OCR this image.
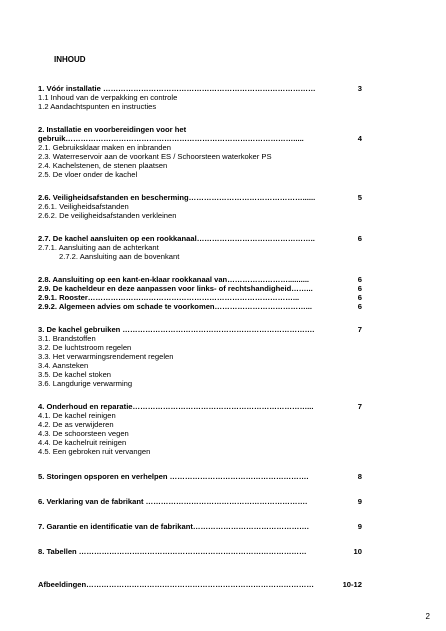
INHOUD
1. Vóór installatie …………………………………………………………………………	3
1.1 Inhoud van de verpakking en controle
1.2 Aandachtspunten en instructies
2. Installatie en voorbereidingen voor het
gebruik……………………………………………………………………………….....	4
2.1. Gebruiksklaar maken en inbranden
2.3. Waterreservoir aan de voorkant ES / Schoorsteen waterkoker PS
2.4. Kachelstenen, de stenen plaatsen
2.5. De vloer onder de kachel
2.6. Veiligheidsafstanden en bescherming………………………………………......	5
2.6.1. Veiligheidsafstanden
2.6.2. De veiligheidsafstanden verkleinen
2.7. De kachel aansluiten op een rookkanaal………………………………………..	6
2.7.1. Aansluiting aan de achterkant
2.7.2. Aansluiting aan de bovenkant
2.8. Aansluiting op een kant-en-klaar rookkanaal van……………………..........	6
2.9. De kacheldeur en deze aanpassen voor links- of rechtshandigheid……...	6
2.9.1. Rooster………………………………………………………………………...	6
2.9.2. Algemeen advies om schade te voorkomen………………………………...	6
3. De kachel gebruiken ………………………………………………………………….	7
3.1. Brandstoffen
3.2. De luchtstroom regelen
3.3. Het verwarmingsrendement regelen
3.4. Aansteken
3.5. De kachel stoken
3.6. Langdurige verwarming
4. Onderhoud en reparatie……………………………………………………………...	7
4.1. De kachel reinigen
4.2. De as verwijderen
4.3. De schoorsteen vegen
4.4. De kachelruit reinigen
4.5. Een gebroken ruit vervangen
5. Storingen opsporen en verhelpen ……………………………………………….	8
6. Verklaring van de fabrikant ……………………………………………………….	9
7. Garantie en identificatie van de fabrikant……………………………………….	9
8. Tabellen ………………………………………………………………………………	10
Afbeeldingen………………………………………………………………………………	10-12
2
